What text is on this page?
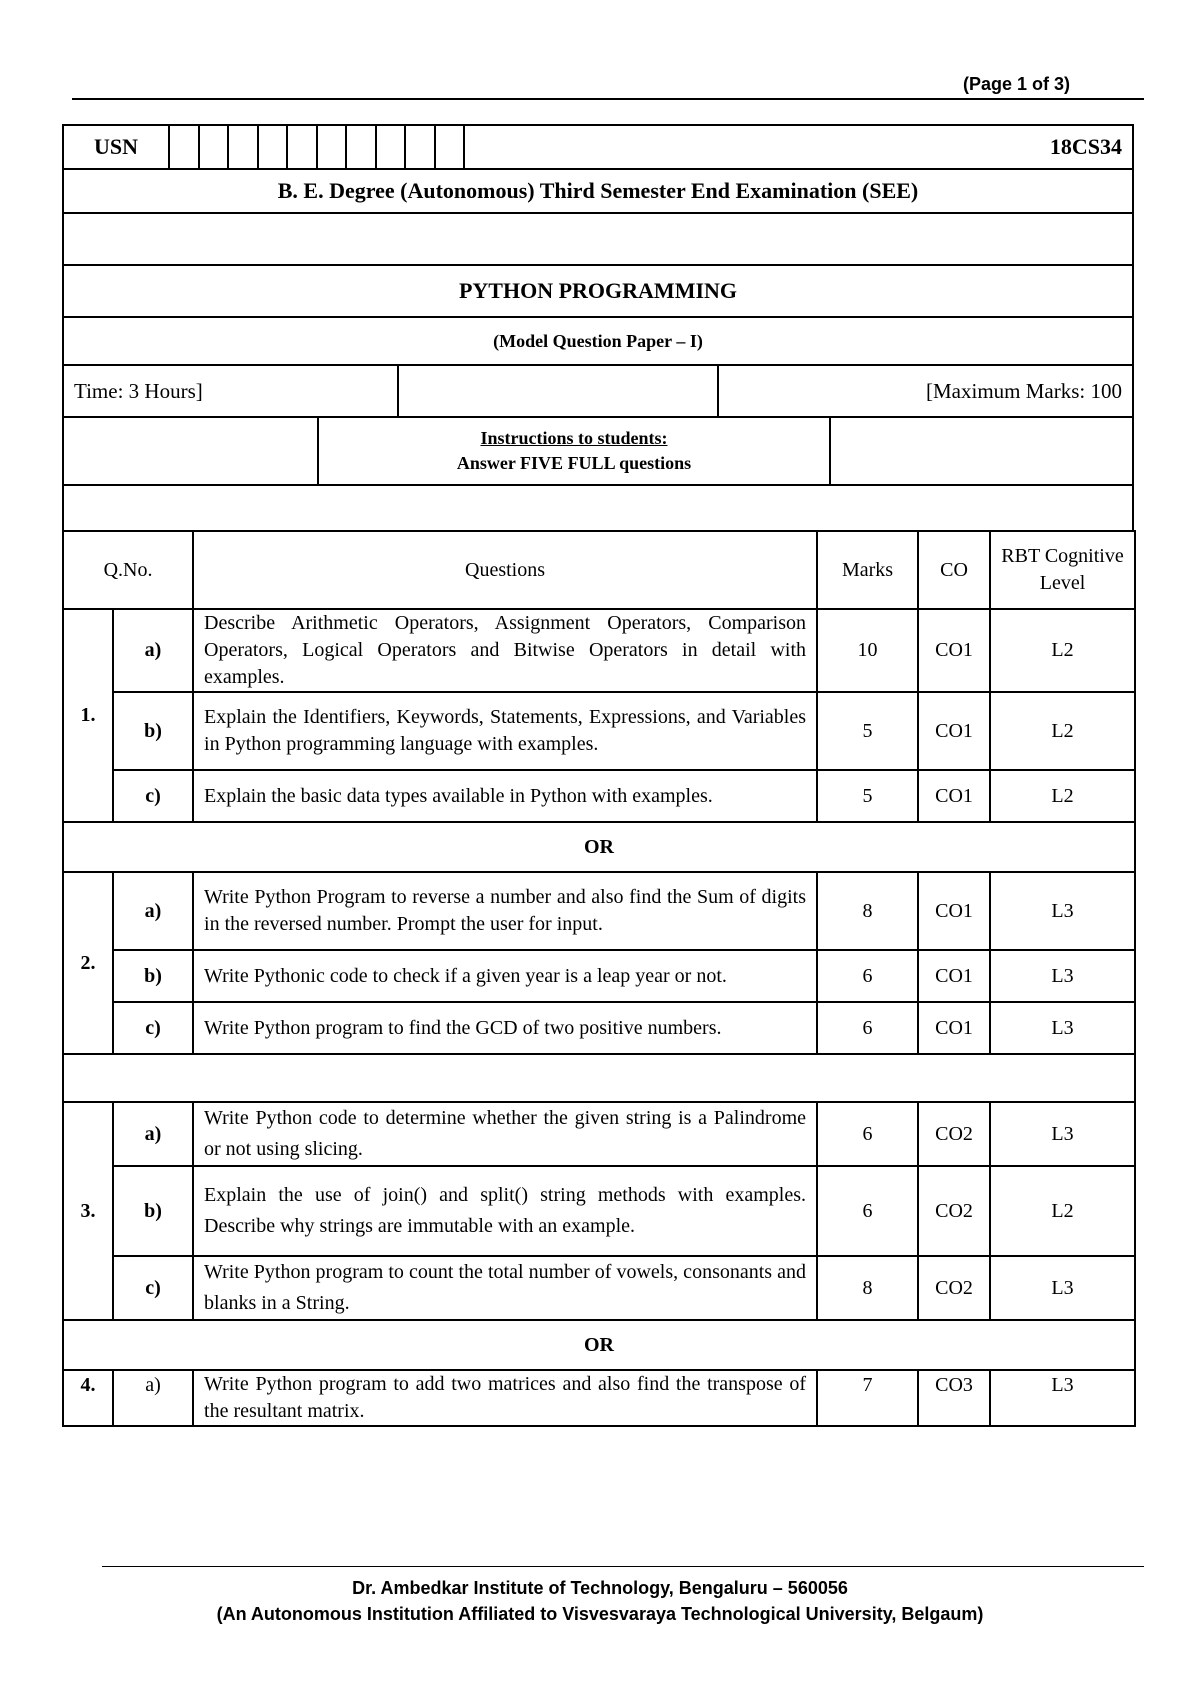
(Page 1 of 3)
USN	18CS34

B. E. Degree (Autonomous) Third Semester End Examination (SEE)

PYTHON PROGRAMMING
(Model Question Paper – I)

Time: 3 Hours]	[Maximum Marks: 100

Instructions to students:
Answer FIVE FULL questions

Q.No.		Questions	Marks	CO	RBT Cognitive Level
1.	a)	Describe Arithmetic Operators, Assignment Operators, Comparison Operators, Logical Operators and Bitwise Operators in detail with examples.	10	CO1	L2
	b)	Explain the Identifiers, Keywords, Statements, Expressions, and Variables in Python programming language with examples.	5	CO1	L2
	c)	Explain the basic data types available in Python with examples.	5	CO1	L2
OR					
2.	a)	Write Python Program to reverse a number and also find the Sum of digits in the reversed number. Prompt the user for input.	8	CO1	L3
	b)	Write Pythonic code to check if a given year is a leap year or not.	6	CO1	L3
	c)	Write Python program to find the GCD of two positive numbers.	6	CO1	L3

3.	a)	Write Python code to determine whether the given string is a Palindrome or not using slicing.	6	CO2	L3
	b)	Explain the use of join() and split() string methods with examples. Describe why strings are immutable with an example.	6	CO2	L2
	c)	Write Python program to count the total number of vowels, consonants and blanks in a String.	8	CO2	L3
OR					
4.	a)	Write Python program to add two matrices and also find the transpose of the resultant matrix.	7	CO3	L3
Dr. Ambedkar Institute of Technology, Bengaluru – 560056
(An Autonomous Institution Affiliated to Visvesvaraya Technological University, Belgaum)
